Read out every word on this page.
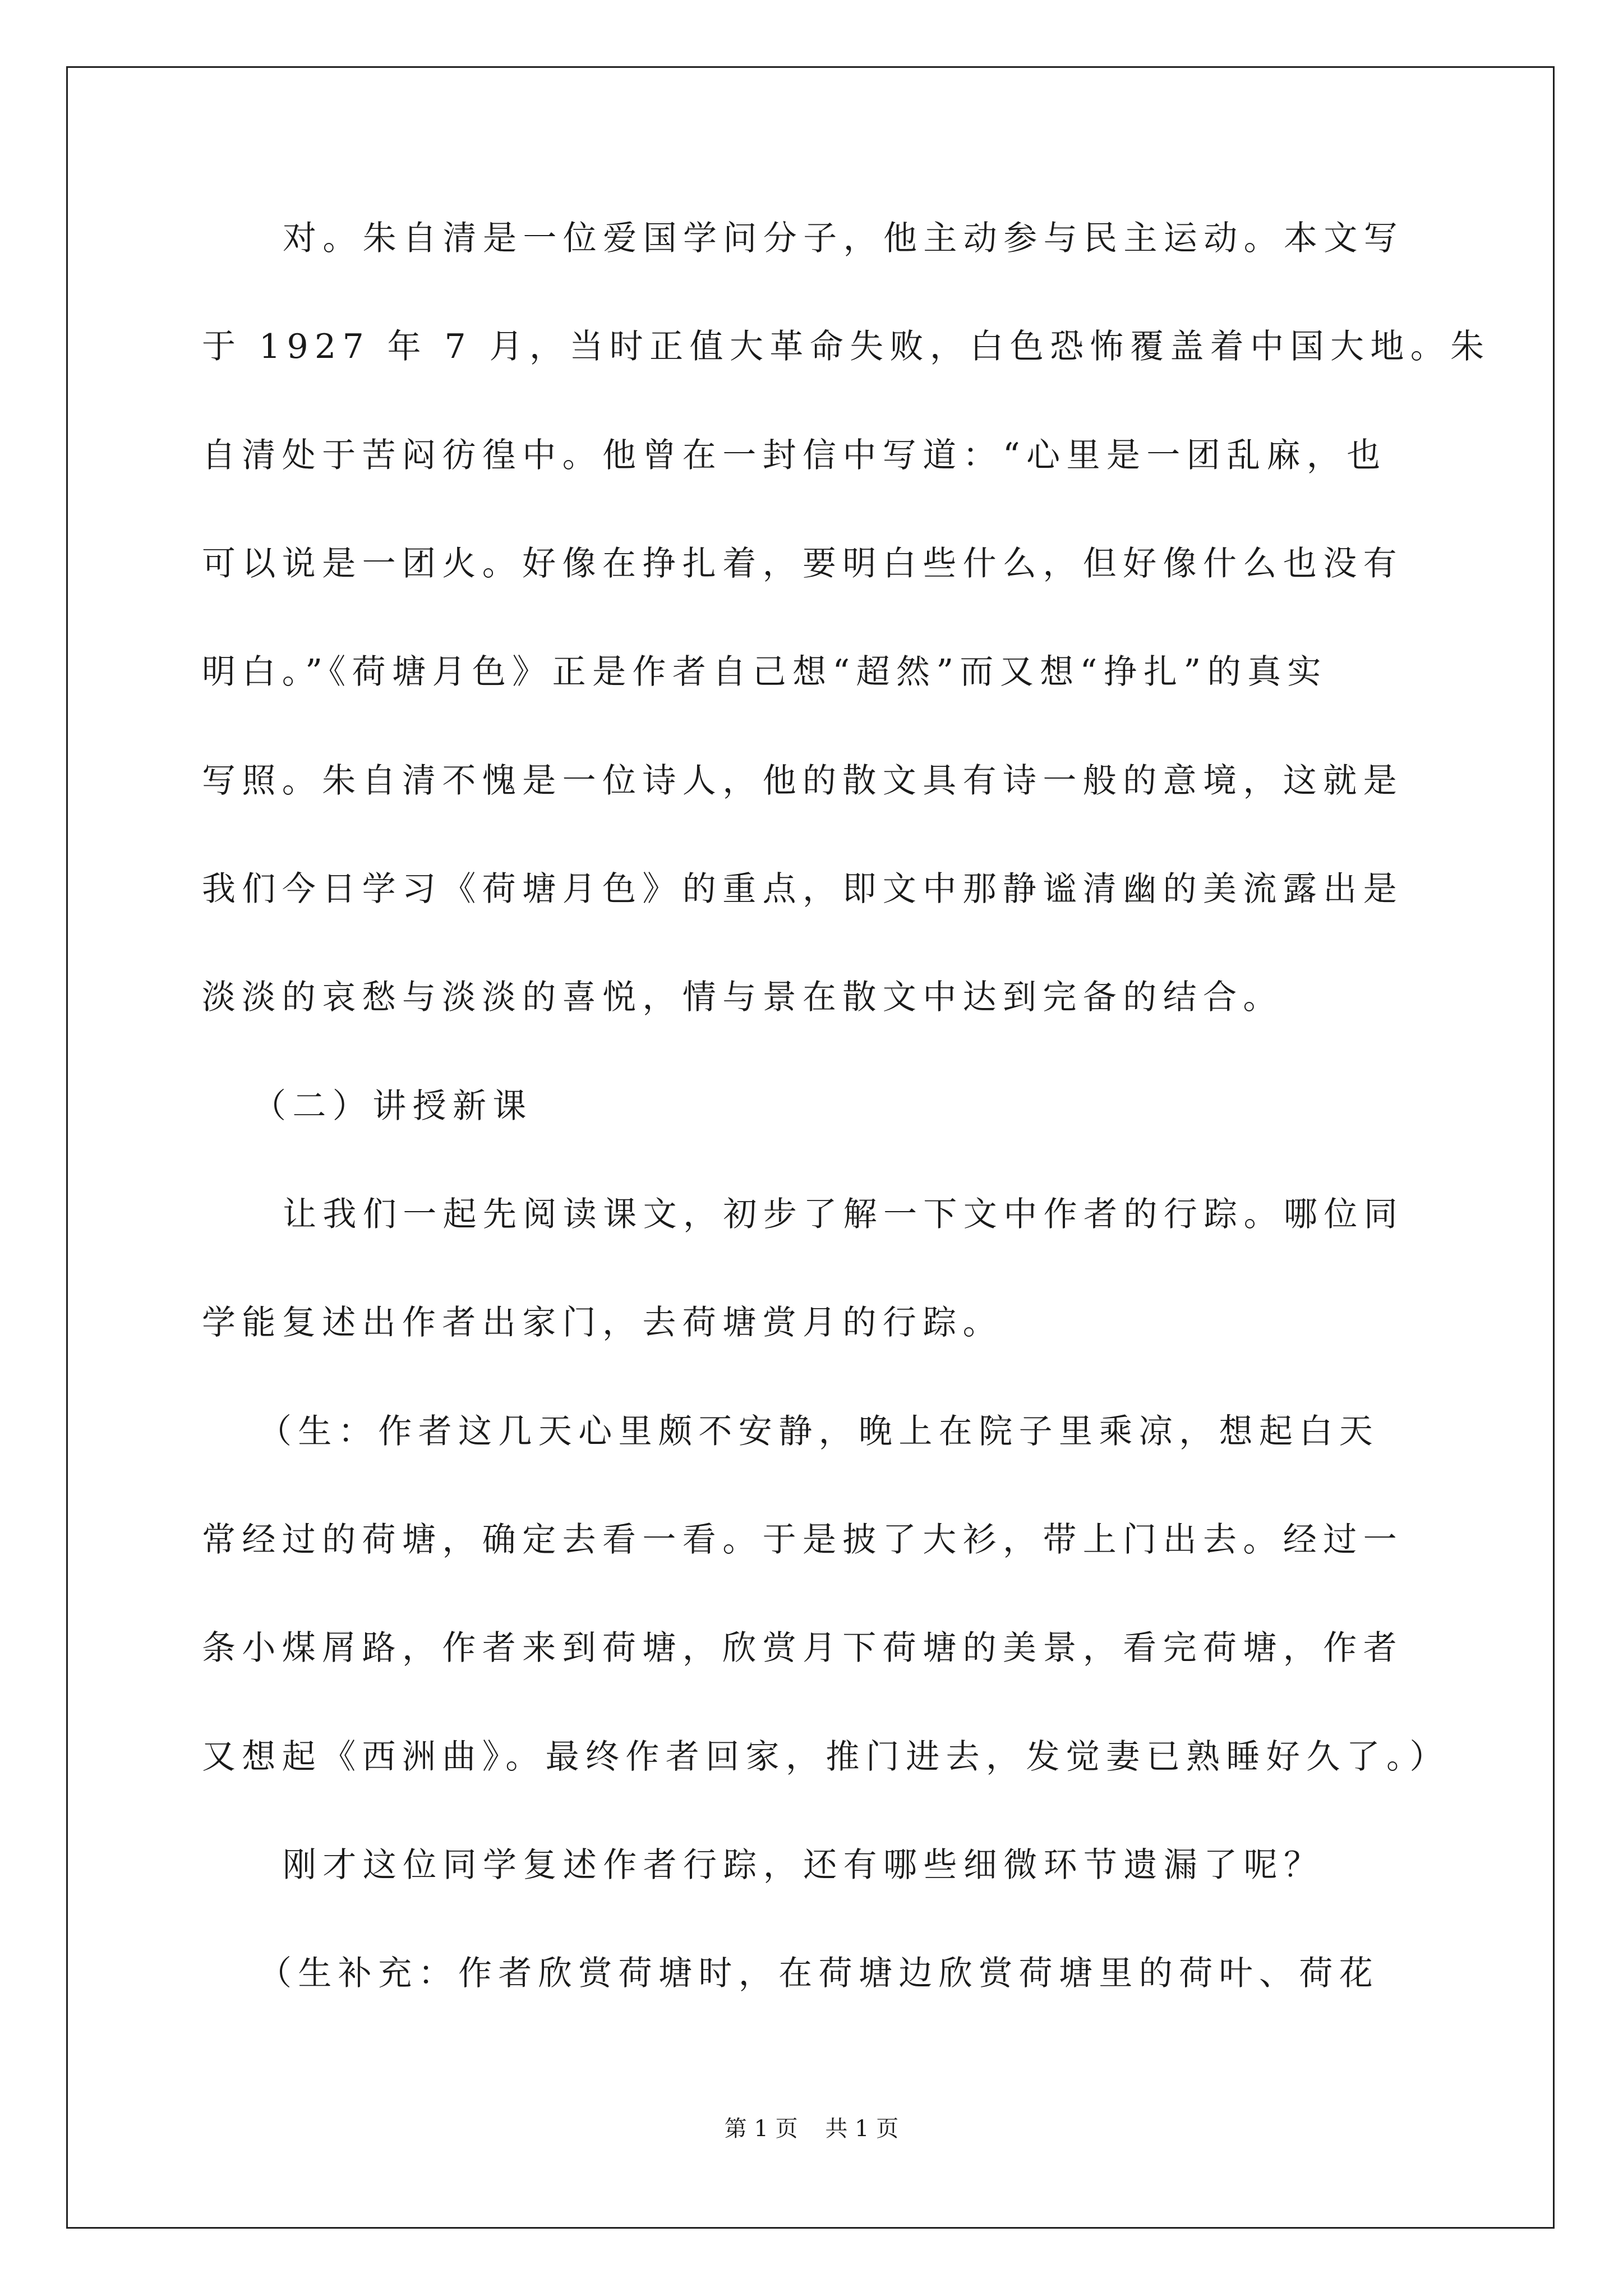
对。朱自清是一位爱国学问分子，他主动参与民主运动。本文写
于 1927 年 7 月，当时正值大革命失败，白色恐怖覆盖着中国大地。朱
自清处于苦闷彷徨中。他曾在一封信中写道：“心里是一团乱麻，也
可以说是一团火。好像在挣扎着，要明白些什么，但好像什么也没有
明白。”《荷塘月色》正是作者自己想“超然”而又想“挣扎”的真实
写照。朱自清不愧是一位诗人，他的散文具有诗一般的意境，这就是
我们今日学习《荷塘月色》的重点，即文中那静谧清幽的美流露出是
淡淡的哀愁与淡淡的喜悦，情与景在散文中达到完备的结合。
（二）讲授新课
让我们一起先阅读课文，初步了解一下文中作者的行踪。哪位同
学能复述出作者出家门，去荷塘赏月的行踪。
（生：作者这几天心里颇不安静，晚上在院子里乘凉，想起白天
常经过的荷塘，确定去看一看。于是披了大衫，带上门出去。经过一
条小煤屑路，作者来到荷塘，欣赏月下荷塘的美景，看完荷塘，作者
又想起《西洲曲》。最终作者回家，推门进去，发觉妻已熟睡好久了。）
刚才这位同学复述作者行踪，还有哪些细微环节遗漏了呢？
（生补充：作者欣赏荷塘时，在荷塘边欣赏荷塘里的荷叶、荷花
第 1 页 共 1 页
